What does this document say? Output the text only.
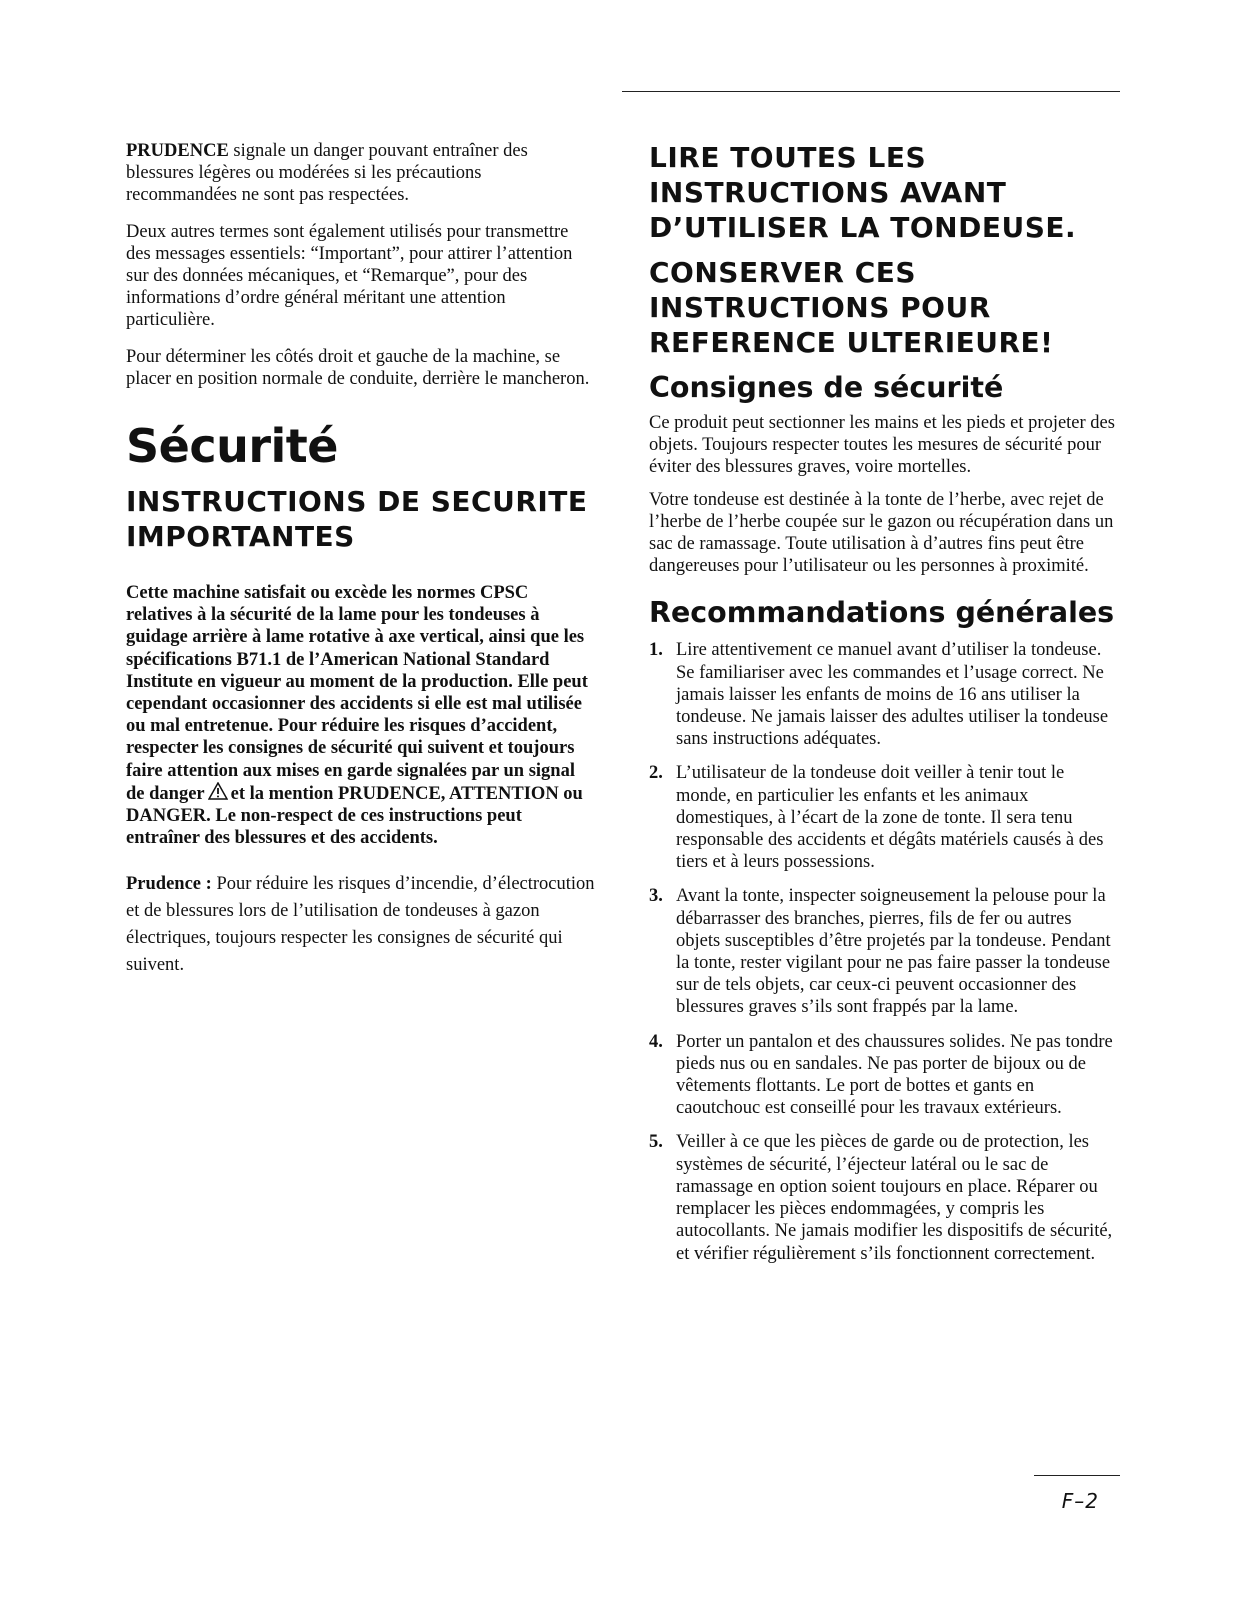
PRUDENCE signale un danger pouvant entraîner des blessures légères ou modérées si les précautions recommandées ne sont pas respectées.

Deux autres termes sont également utilisés pour transmettre des messages essentiels: “Important”, pour attirer l’attention sur des données mécaniques, et “Remarque”, pour des informations d’ordre général méritant une attention particulière.

Pour déterminer les côtés droit et gauche de la machine, se placer en position normale de conduite, derrière le mancheron.

Sécurité
INSTRUCTIONS DE SECURITE IMPORTANTES

Cette machine satisfait ou excède les normes CPSC relatives à la sécurité de la lame pour les tondeuses à guidage arrière à lame rotative à axe vertical, ainsi que les spécifications B71.1 de l’American National Standard Institute en vigueur au moment de la production. Elle peut cependant occasionner des accidents si elle est mal utilisée ou mal entretenue. Pour réduire les risques d’accident, respecter les consignes de sécurité qui suivent et toujours faire attention aux mises en garde signalées par un signal de danger et la mention PRUDENCE, ATTENTION ou DANGER. Le non-respect de ces instructions peut entraîner des blessures et des accidents.

Prudence : Pour réduire les risques d’incendie, d’électrocution et de blessures lors de l’utilisation de tondeuses à gazon électriques, toujours respecter les consignes de sécurité qui suivent.

LIRE TOUTES LES INSTRUCTIONS AVANT D’UTILISER LA TONDEUSE.
CONSERVER CES INSTRUCTIONS POUR REFERENCE ULTERIEURE!
Consignes de sécurité

Ce produit peut sectionner les mains et les pieds et projeter des objets. Toujours respecter toutes les mesures de sécurité pour éviter des blessures graves, voire mortelles.

Votre tondeuse est destinée à la tonte de l’herbe, avec rejet de l’herbe de l’herbe coupée sur le gazon ou récupération dans un sac de ramassage. Toute utilisation à d’autres fins peut être dangereuses pour l’utilisateur ou les personnes à proximité.

Recommandations générales
1. Lire attentivement ce manuel avant d’utiliser la tondeuse. Se familiariser avec les commandes et l’usage correct. Ne jamais laisser les enfants de moins de 16 ans utiliser la tondeuse. Ne jamais laisser des adultes utiliser la tondeuse sans instructions adéquates.
2. L’utilisateur de la tondeuse doit veiller à tenir tout le monde, en particulier les enfants et les animaux domestiques, à l’écart de la zone de tonte. Il sera tenu responsable des accidents et dégâts matériels causés à des tiers et à leurs possessions.
3. Avant la tonte, inspecter soigneusement la pelouse pour la débarrasser des branches, pierres, fils de fer ou autres objets susceptibles d’être projetés par la tondeuse. Pendant la tonte, rester vigilant pour ne pas faire passer la tondeuse sur de tels objets, car ceux-ci peuvent occasionner des blessures graves s’ils sont frappés par la lame.
4. Porter un pantalon et des chaussures solides. Ne pas tondre pieds nus ou en sandales. Ne pas porter de bijoux ou de vêtements flottants. Le port de bottes et gants en caoutchouc est conseillé pour les travaux extérieurs.
5. Veiller à ce que les pièces de garde ou de protection, les systèmes de sécurité, l’éjecteur latéral ou le sac de ramassage en option soient toujours en place. Réparer ou remplacer les pièces endommagées, y compris les autocollants. Ne jamais modifier les dispositifs de sécurité, et vérifier régulièrement s’ils fonctionnent correctement.
F–2
